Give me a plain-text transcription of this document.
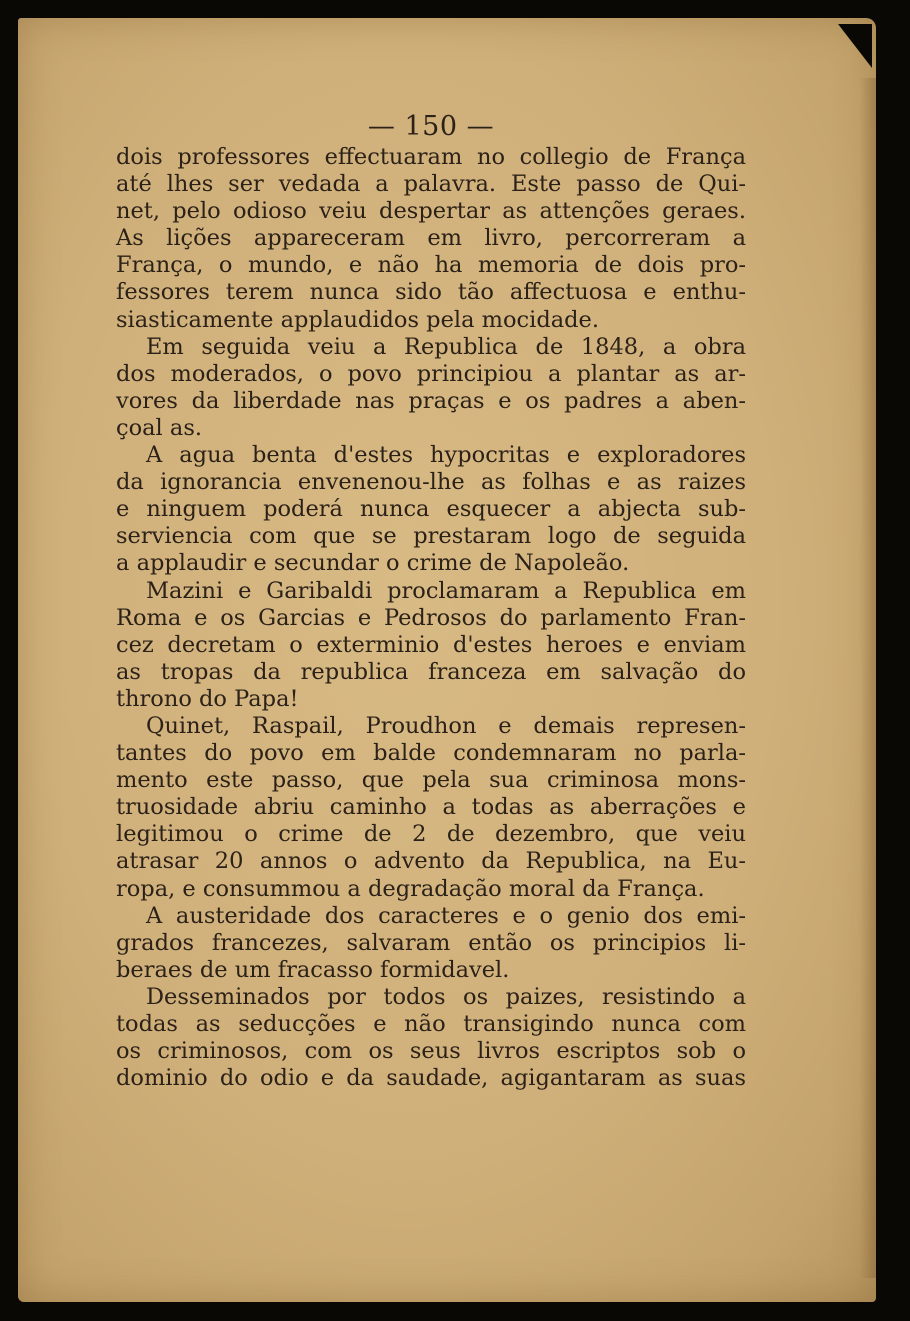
— 150 —
dois professores effectuaram no collegio de França
até lhes ser vedada a palavra. Este passo de Qui-
net, pelo odioso veiu despertar as attenções geraes.
As lições appareceram em livro, percorreram a
França, o mundo, e não ha memoria de dois pro-
fessores terem nunca sido tão affectuosa e enthu-
siasticamente applaudidos pela mocidade.
Em seguida veiu a Republica de 1848, a obra
dos moderados, o povo principiou a plantar as ar-
vores da liberdade nas praças e os padres a aben-
çoal as.
A agua benta d'estes hypocritas e exploradores
da ignorancia envenenou-lhe as folhas e as raizes
e ninguem poderá nunca esquecer a abjecta sub-
serviencia com que se prestaram logo de seguida
a applaudir e secundar o crime de Napoleão.
Mazini e Garibaldi proclamaram a Republica em
Roma e os Garcias e Pedrosos do parlamento Fran-
cez decretam o exterminio d'estes heroes e enviam
as tropas da republica franceza em salvação do
throno do Papa!
Quinet, Raspail, Proudhon e demais represen-
tantes do povo em balde condemnaram no parla-
mento este passo, que pela sua criminosa mons-
truosidade abriu caminho a todas as aberrações e
legitimou o crime de 2 de dezembro, que veiu
atrasar 20 annos o advento da Republica, na Eu-
ropa, e consummou a degradação moral da França.
A austeridade dos caracteres e o genio dos emi-
grados francezes, salvaram então os principios li-
beraes de um fracasso formidavel.
Desseminados por todos os paizes, resistindo a
todas as seducções e não transigindo nunca com
os criminosos, com os seus livros escriptos sob o
dominio do odio e da saudade, agigantaram as suas
